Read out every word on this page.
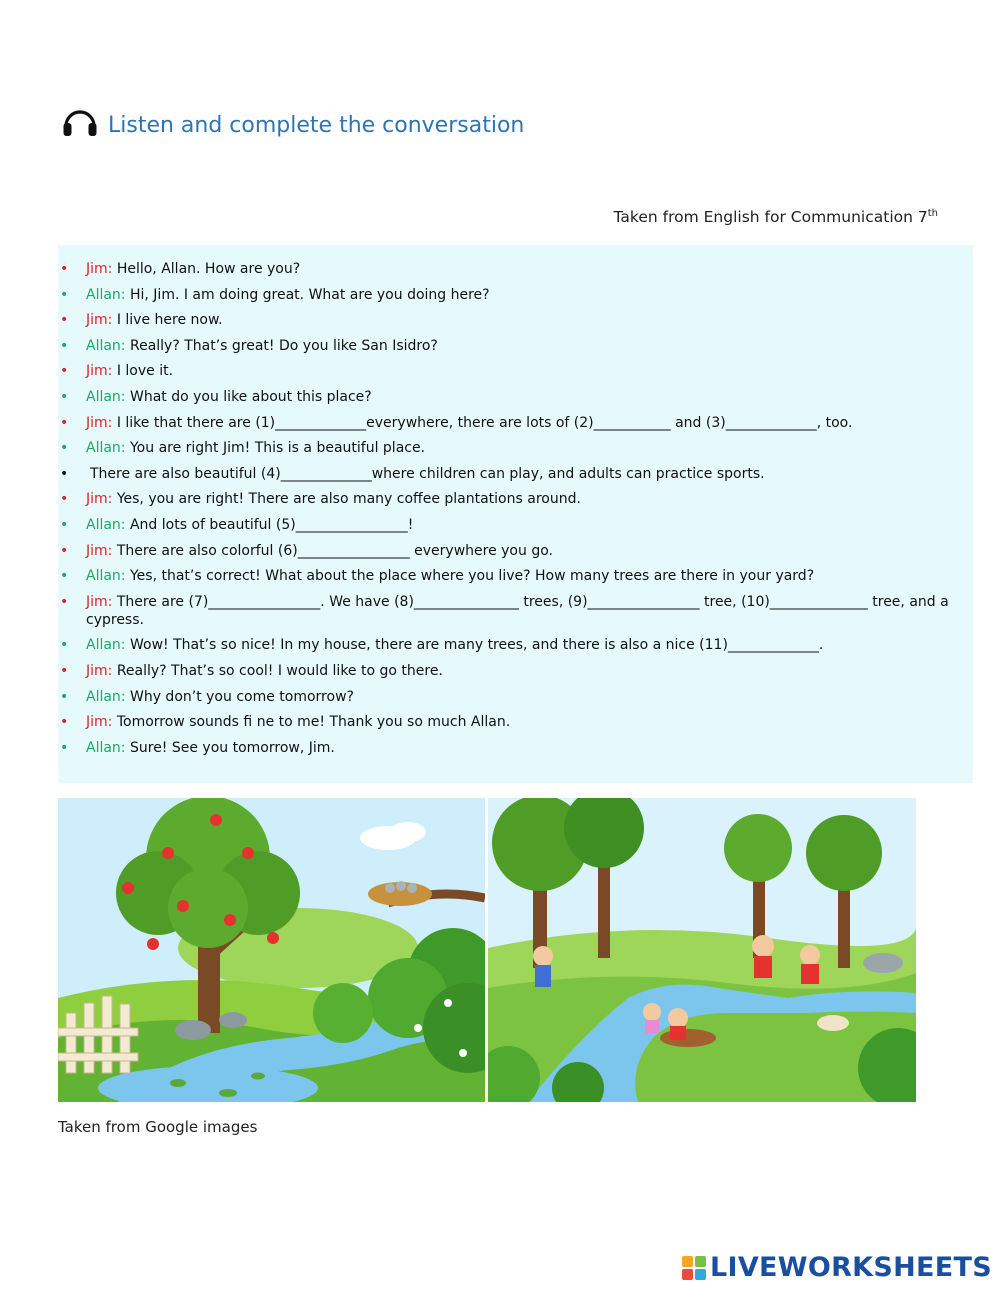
Listen and complete the conversation
Taken from English for Communication 7th
• Jim: Hello, Allan. How are you?
• Allan: Hi, Jim. I am doing great. What are you doing here?
• Jim: I live here now.
• Allan: Really? That’s great! Do you like San Isidro?
• Jim: I love it.
• Allan: What do you like about this place?
• Jim: I like that there are (1)_____________everywhere, there are lots of (2)___________ and (3)_____________, too.
• Allan: You are right Jim! This is a beautiful place.
• There are also beautiful (4)_____________where children can play, and adults can practice sports.
• Jim: Yes, you are right! There are also many coffee plantations around.
• Allan: And lots of beautiful (5)________________!
• Jim: There are also colorful (6)________________ everywhere you go.
• Allan: Yes, that’s correct! What about the place where you live? How many trees are there in your yard?
• Jim: There are (7)________________. We have (8)_______________ trees, (9)________________ tree, (10)______________ tree, and a cypress.
• Allan: Wow! That’s so nice! In my house, there are many trees, and there is also a nice (11)_____________.
• Jim: Really? That’s so cool! I would like to go there.
• Allan: Why don’t you come tomorrow?
• Jim: Tomorrow sounds fi ne to me! Thank you so much Allan.
• Allan: Sure! See you tomorrow, Jim.
Taken from Google images
LIVEWORKSHEETS
